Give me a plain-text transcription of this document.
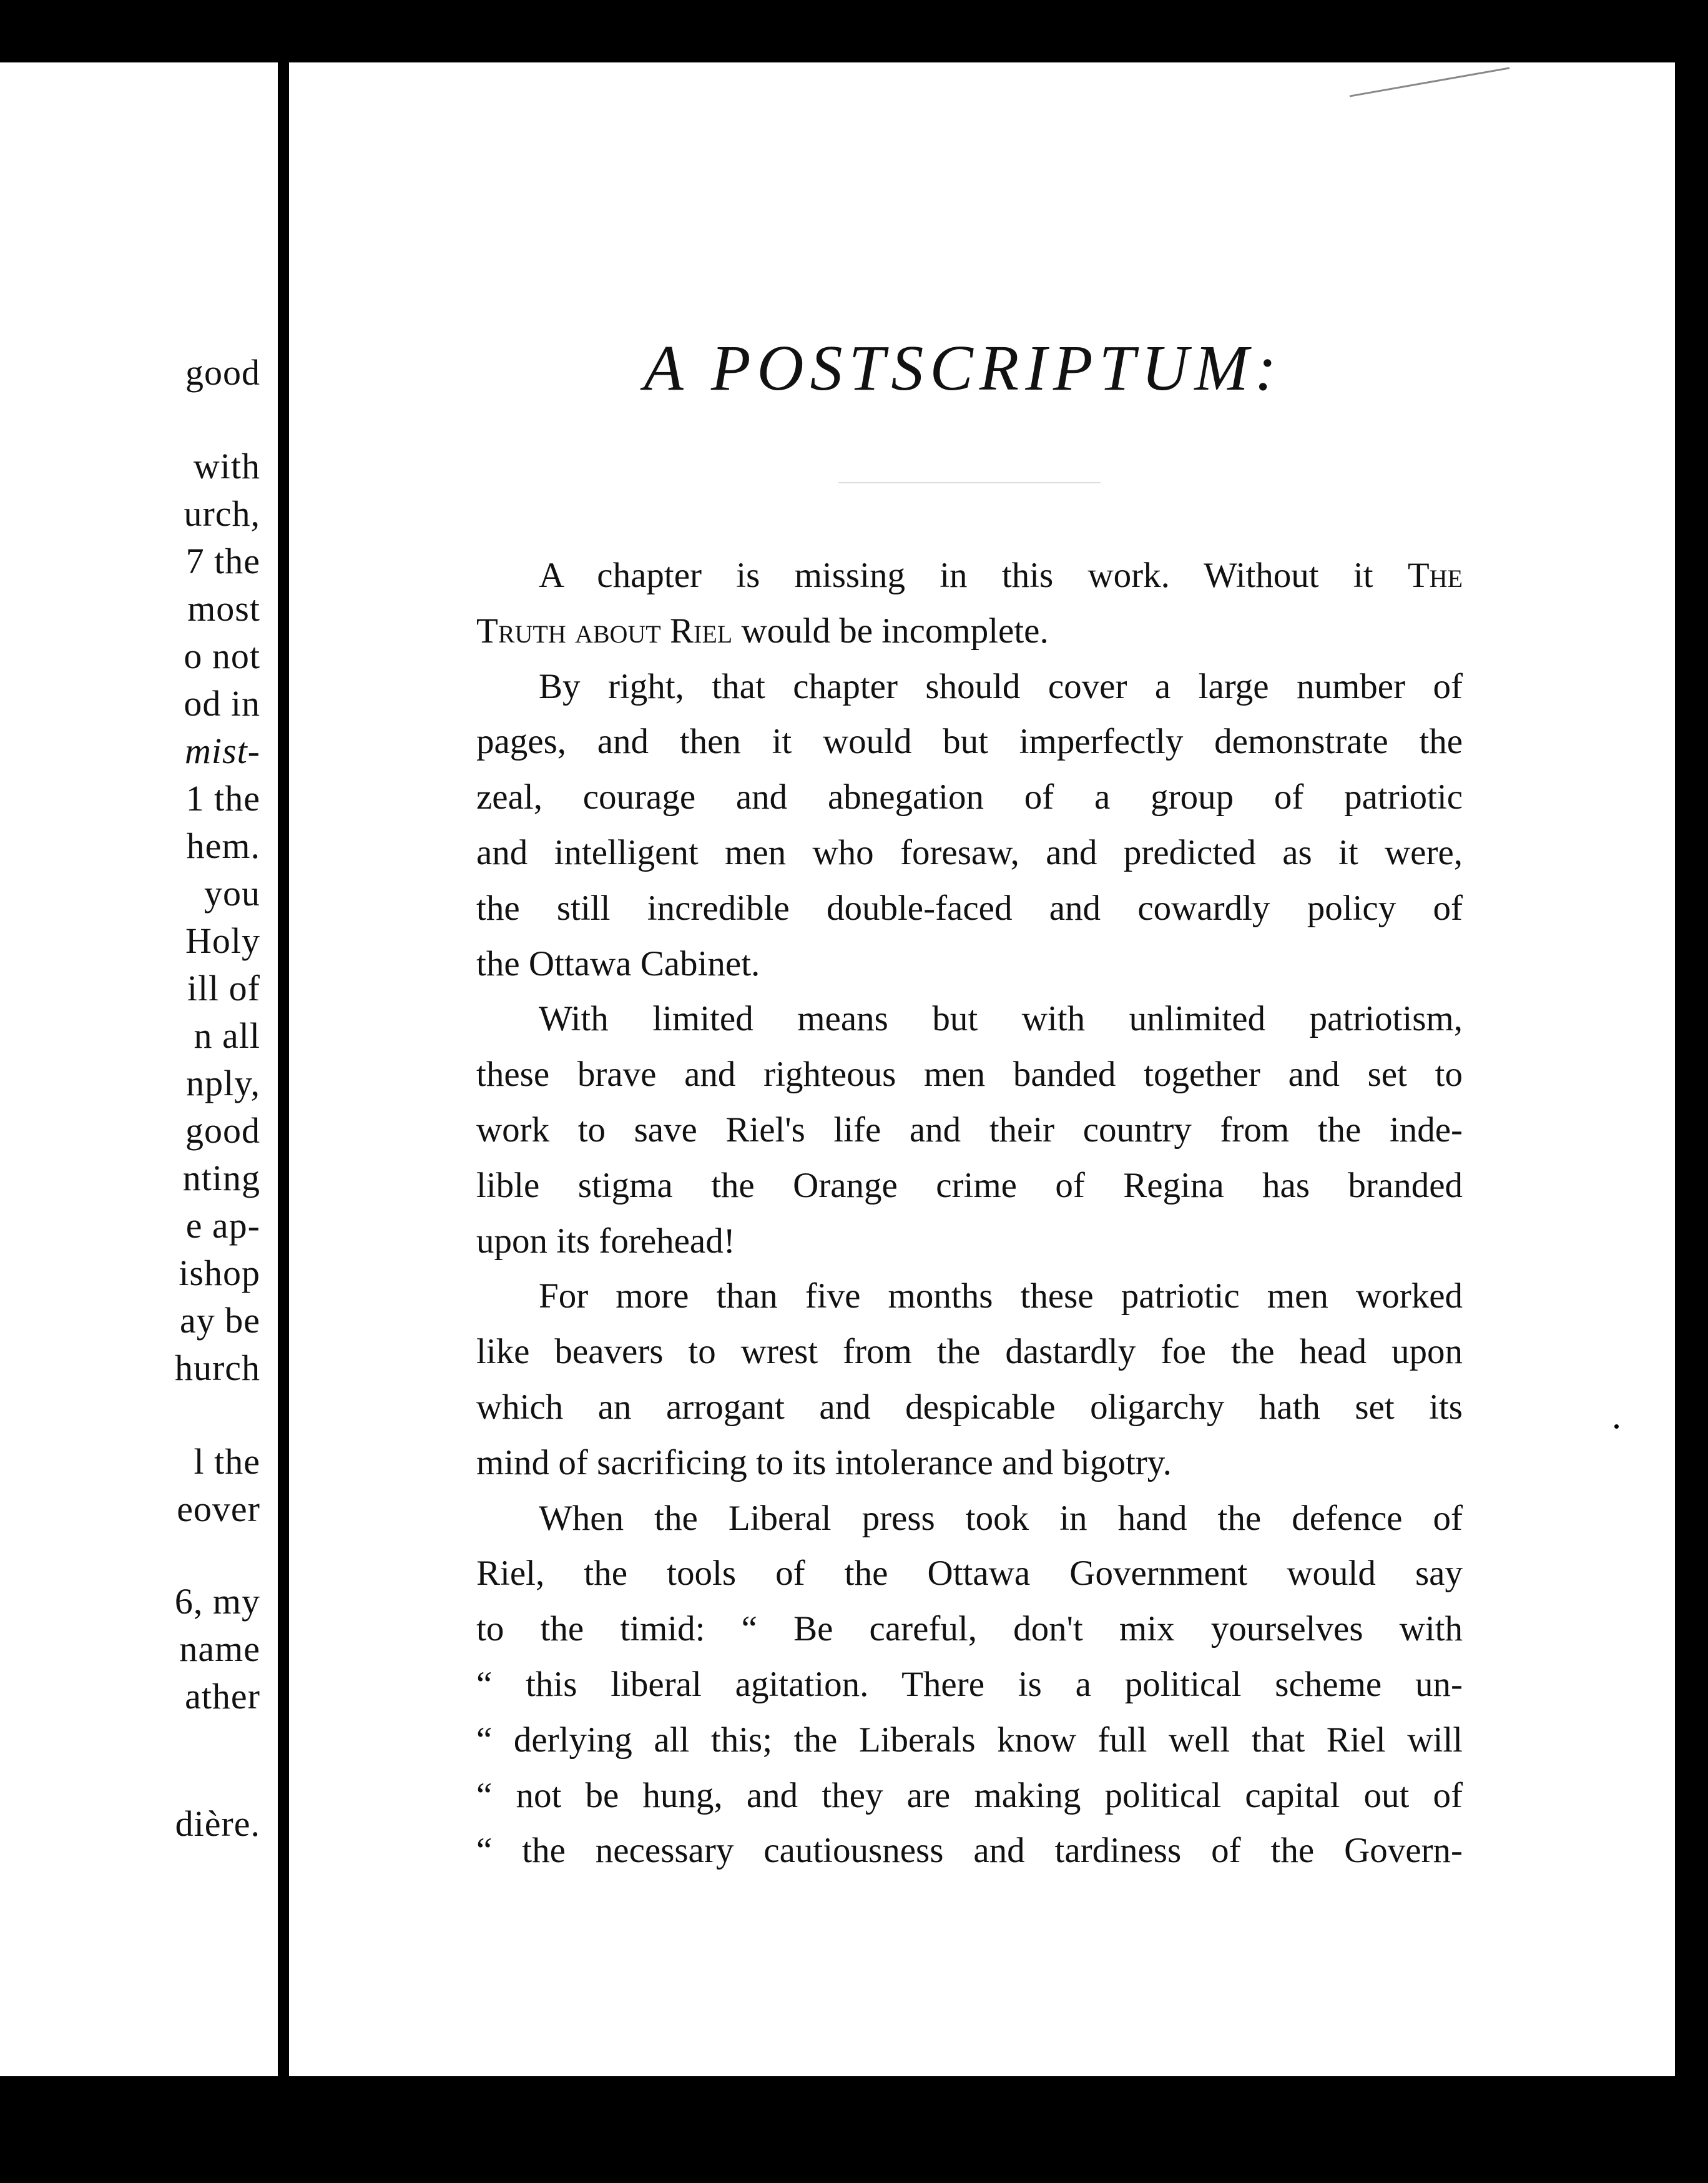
good
with
urch,
7 the
most
o not
od in
mist-
1 the
hem.
you
Holy
ill of
n all
nply,
good
nting
e ap-
ishop
ay be
hurch
l the
eover
6, my
name
ather
dière.
A POSTSCRIPTUM:
A chapter is missing in this work. Without it The
Truth about Riel would be incomplete.
By right, that chapter should cover a large number of
pages, and then it would but imperfectly demonstrate the
zeal, courage and abnegation of a group of patriotic
and intelligent men who foresaw, and predicted as it were,
the still incredible double-faced and cowardly policy of
the Ottawa Cabinet.
With limited means but with unlimited patriotism,
these brave and righteous men banded together and set to
work to save Riel's life and their country from the inde-
lible stigma the Orange crime of Regina has branded
upon its forehead!
For more than five months these patriotic men worked
like beavers to wrest from the dastardly foe the head upon
which an arrogant and despicable oligarchy hath set its
mind of sacrificing to its intolerance and bigotry.
When the Liberal press took in hand the defence of
Riel, the tools of the Ottawa Government would say
to the timid: “ Be careful, don't mix yourselves with
“ this liberal agitation. There is a political scheme un-
“ derlying all this; the Liberals know full well that Riel will
“ not be hung, and they are making political capital out of
“ the necessary cautiousness and tardiness of the Govern-
